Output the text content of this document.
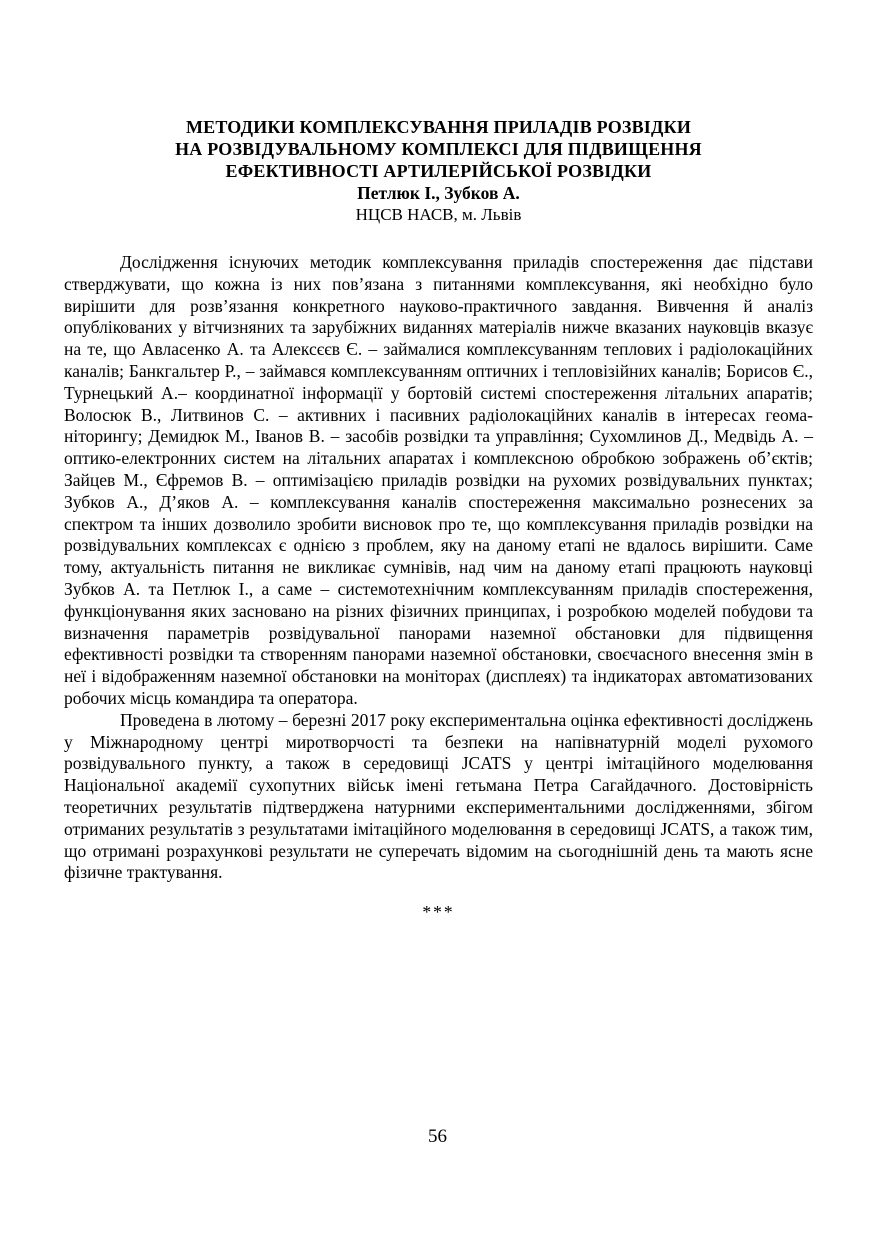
МЕТОДИКИ КОМПЛЕКСУВАННЯ ПРИЛАДІВ РОЗВІДКИ
НА РОЗВІДУВАЛЬНОМУ КОМПЛЕКСІ ДЛЯ ПІДВИЩЕННЯ
ЕФЕКТИВНОСТІ АРТИЛЕРІЙСЬКОЇ РОЗВІДКИ
Петлюк І., Зубков А.
НЦСВ НАСВ, м. Львів

Дослідження існуючих методик комплексування приладів спостереження дає підстави стверджувати, що кожна із них пов’язана з питаннями комплексування, які необхідно було вирішити для розв’язання конкретного науково-практичного завдання. Вивчення й аналіз опублікованих у вітчизняних та зарубіжних виданнях матеріалів нижче вказаних науковців вказує на те, що Авласенко А. та Алексєєв Є. – займалися комплексуванням теплових і радіолокаційних каналів; Банкгальтер Р., – займався комплексуванням оптичних і тепловізійних каналів; Борисов Є., Турнецький А.– координатної інформації у бортовій системі спостереження літальних апаратів; Волосюк В., Литвинов С. – активних і пасивних радіолокаційних каналів в інтересах геома-ніторингу; Демидюк М., Іванов В. – засобів розвідки та управління; Сухомлинов Д., Медвідь А. – оптико-електронних систем на літальних апаратах і комплексною обробкою зображень об’єктів; Зайцев М., Єфремов В. – оптимізацією приладів розвідки на рухомих розвідувальних пунктах; Зубков А., Д’яков А. – комплексування каналів спостереження максимально рознесених за спектром та інших дозволило зробити висновок про те, що комплексування приладів розвідки на розвідувальних комплексах є однією з проблем, яку на даному етапі не вдалось вирішити. Саме тому, актуальність питання не викликає сумнівів, над чим на даному етапі працюють науковці Зубков А. та Петлюк І., а саме – системотехнічним комплексуванням приладів спостереження, функціонування яких засновано на різних фізичних принципах, і розробкою моделей побудови та визначення параметрів розвідувальної панорами наземної обстановки для підвищення ефективності розвідки та створенням панорами наземної обстановки, своєчасного внесення змін в неї і відображенням наземної обстановки на моніторах (дисплеях) та індикаторах автоматизованих робочих місць командира та оператора.

Проведена в лютому – березні 2017 року експериментальна оцінка ефективності досліджень у Міжнародному центрі миротворчості та безпеки на напівнатурній моделі рухомого розвідувального пункту, а також в середовищі JCATS у центрі імітаційного моделювання Національної академії сухопутних військ імені гетьмана Петра Сагайдачного. Достовірність теоретичних результатів підтверджена натурними експериментальними дослідженнями, збігом отриманих результатів з результатами імітаційного моделювання в середовищі JCATS, а також тим, що отримані розрахункові результати не суперечать відомим на сьогоднішній день та мають ясне фізичне трактування.

***
56
